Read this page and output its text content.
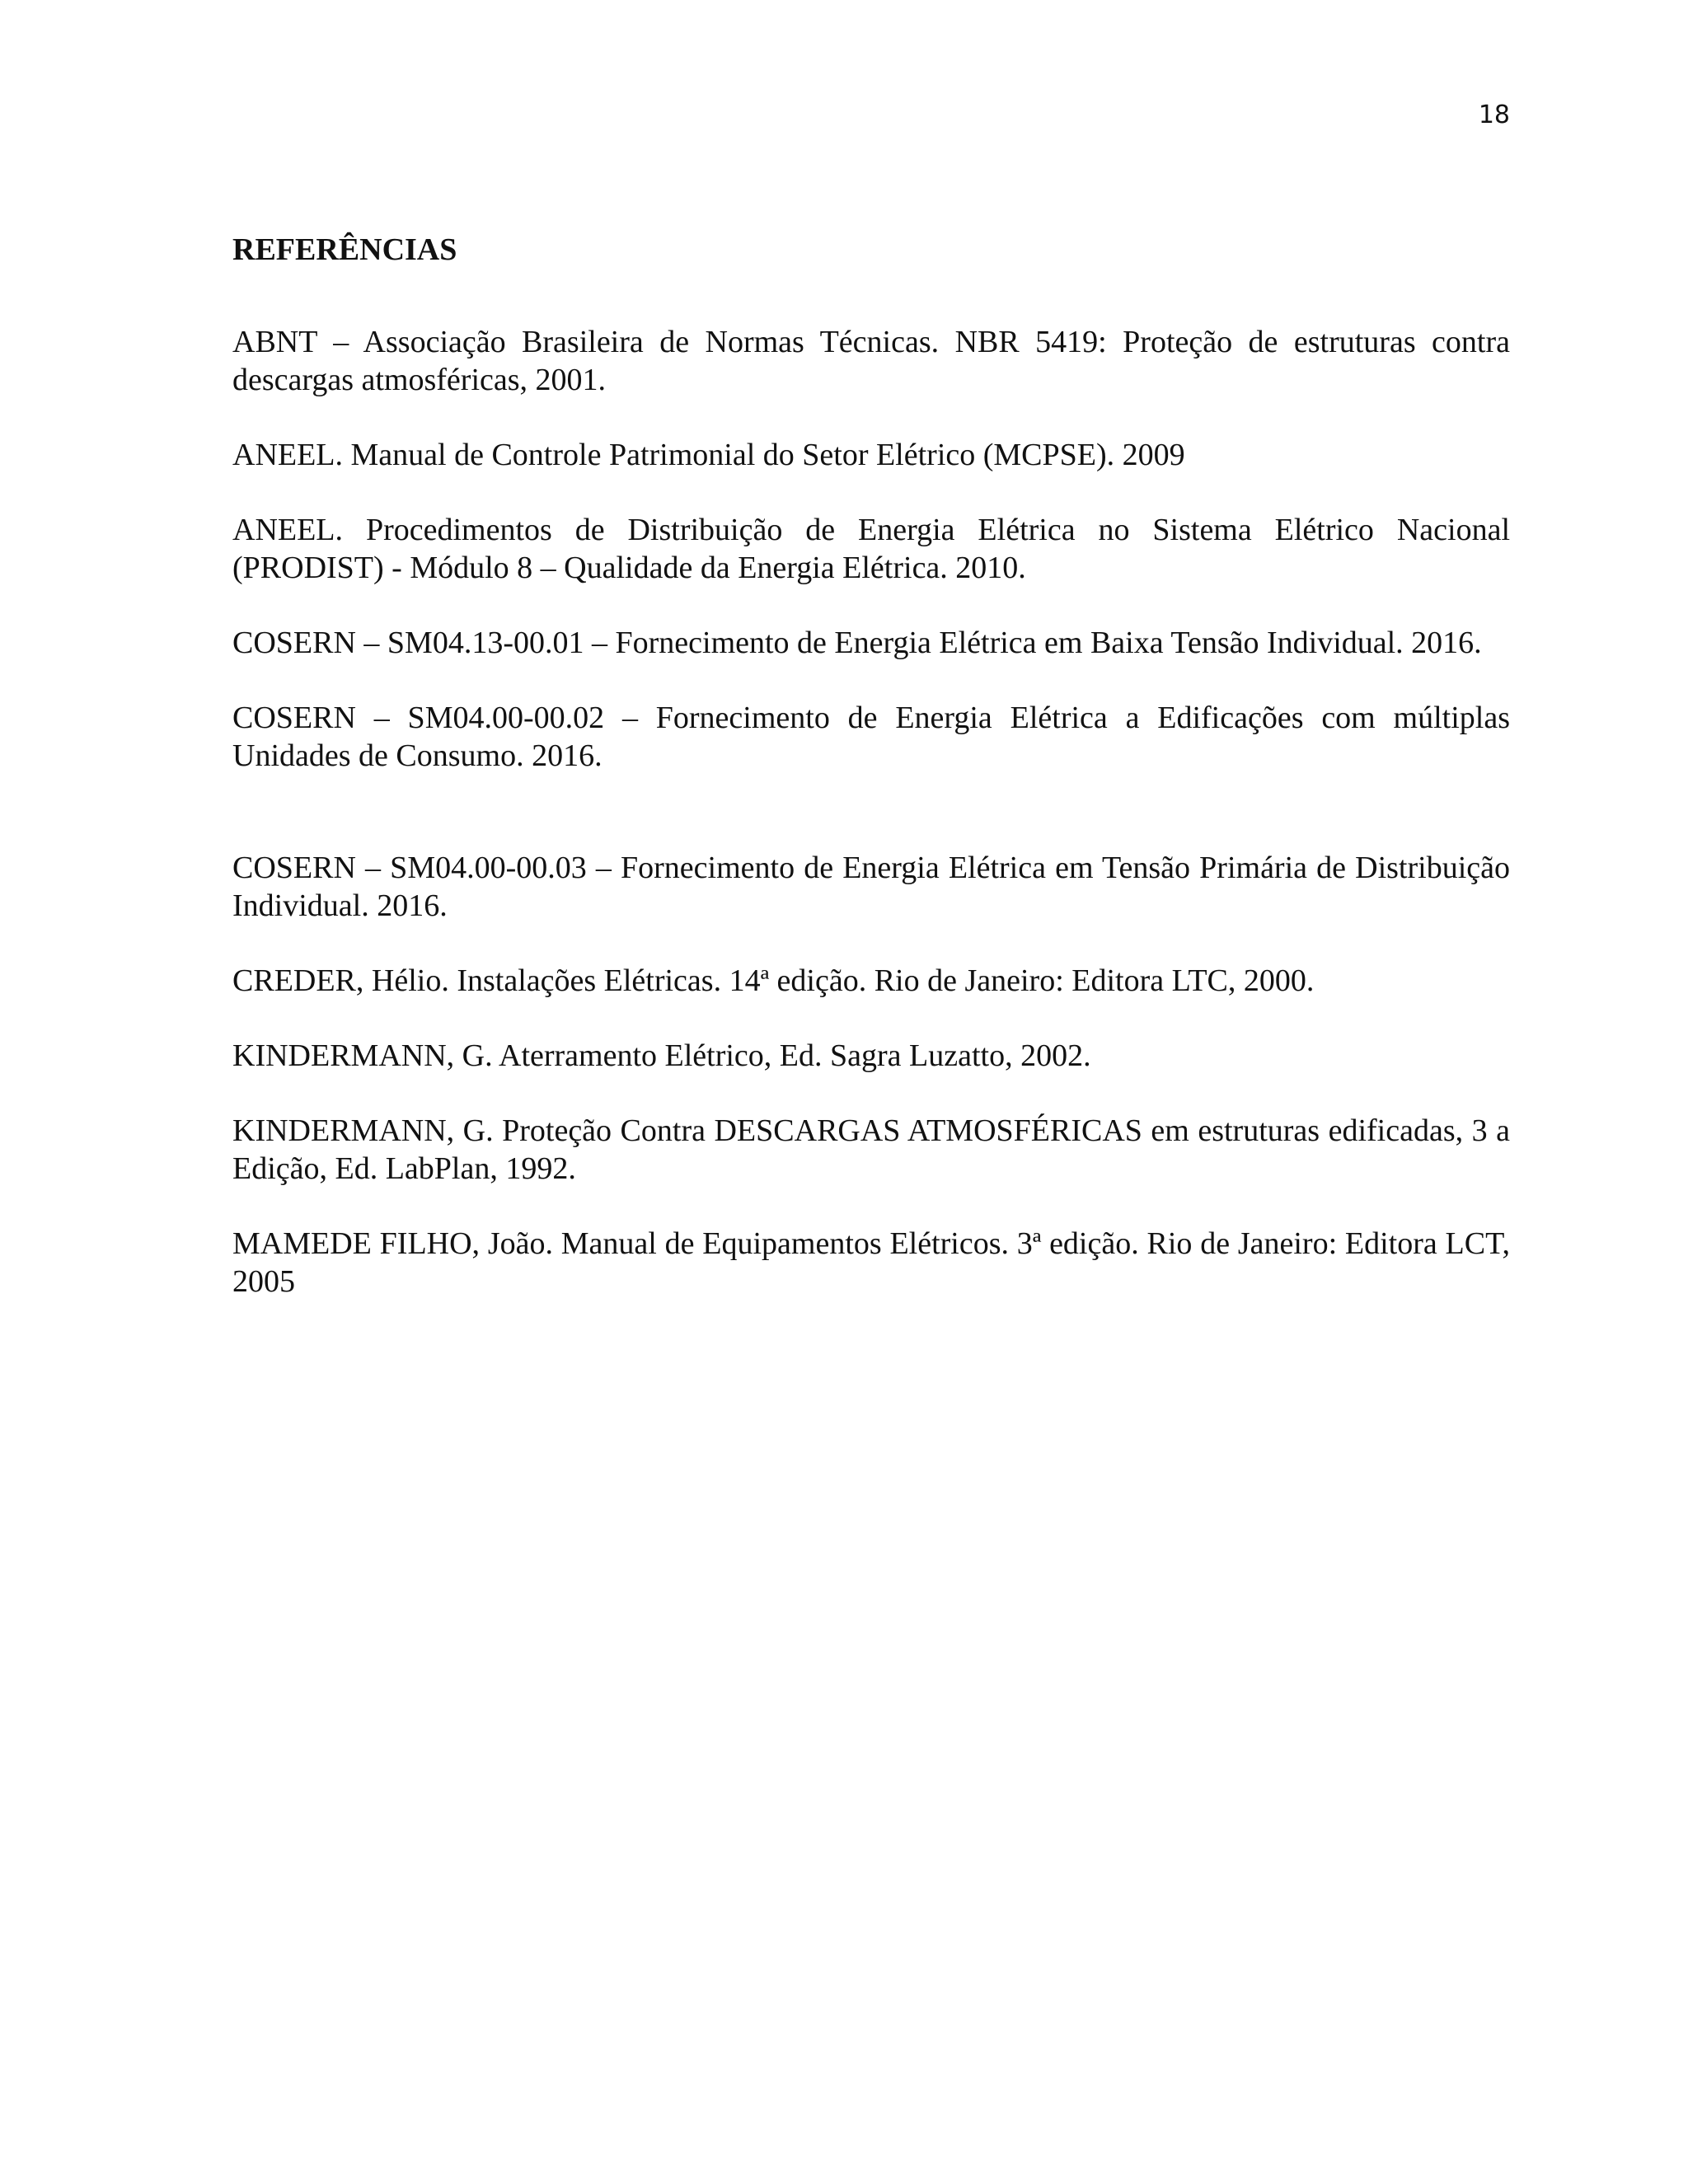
18
REFERÊNCIAS
ABNT – Associação Brasileira de Normas Técnicas. NBR 5419: Proteção de estruturas contra descargas atmosféricas, 2001.
ANEEL. Manual de Controle Patrimonial do Setor Elétrico (MCPSE). 2009
ANEEL. Procedimentos de Distribuição de Energia Elétrica no Sistema Elétrico Nacional (PRODIST) - Módulo 8 – Qualidade da Energia Elétrica. 2010.
COSERN – SM04.13-00.01 – Fornecimento de Energia Elétrica em Baixa Tensão Individual. 2016.
COSERN – SM04.00-00.02 – Fornecimento de Energia Elétrica a Edificações com múltiplas Unidades de Consumo. 2016.
COSERN – SM04.00-00.03 – Fornecimento de Energia Elétrica em Tensão Primária de Distribuição Individual. 2016.
CREDER, Hélio. Instalações Elétricas. 14ª edição. Rio de Janeiro: Editora LTC, 2000.
KINDERMANN, G. Aterramento Elétrico, Ed. Sagra Luzatto, 2002.
KINDERMANN, G. Proteção Contra DESCARGAS ATMOSFÉRICAS em estruturas edificadas, 3 a Edição, Ed. LabPlan, 1992.
MAMEDE FILHO, João. Manual de Equipamentos Elétricos. 3ª edição. Rio de Janeiro: Editora LCT, 2005
